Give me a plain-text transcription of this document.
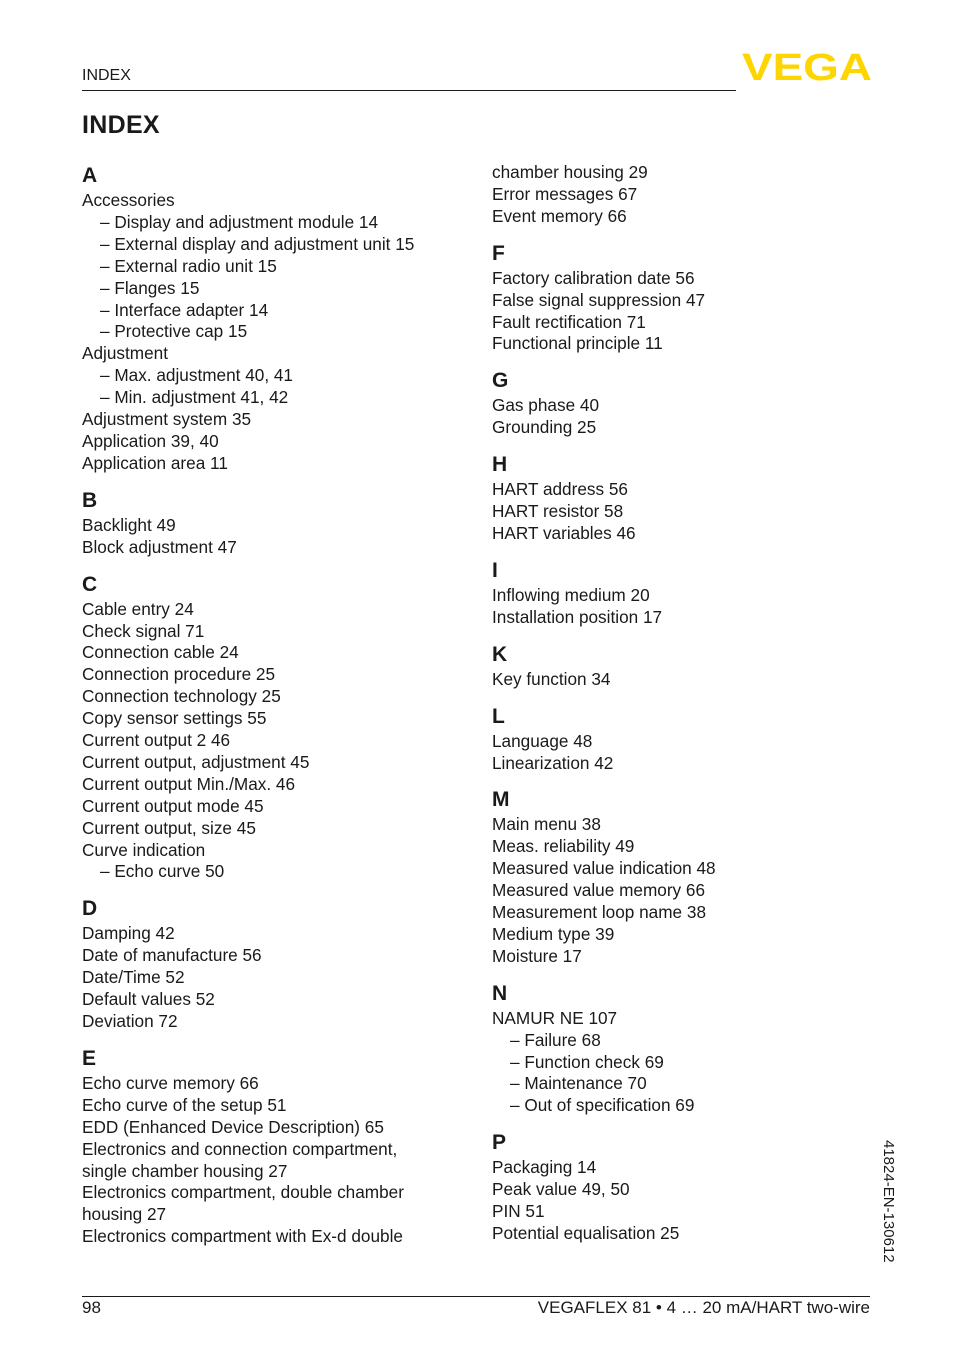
INDEX	VEGA
INDEX
A
Accessories
– Display and adjustment module 14
– External display and adjustment unit 15
– External radio unit 15
– Flanges 15
– Interface adapter 14
– Protective cap 15
Adjustment
– Max. adjustment 40, 41
– Min. adjustment 41, 42
Adjustment system 35
Application 39, 40
Application area 11
B
Backlight 49
Block adjustment 47
C
Cable entry 24
Check signal 71
Connection cable 24
Connection procedure 25
Connection technology 25
Copy sensor settings 55
Current output 2 46
Current output, adjustment 45
Current output Min./Max. 46
Current output mode 45
Current output, size 45
Curve indication
– Echo curve 50
D
Damping 42
Date of manufacture 56
Date/Time 52
Default values 52
Deviation 72
E
Echo curve memory 66
Echo curve of the setup 51
EDD (Enhanced Device Description) 65
Electronics and connection compartment, single chamber housing 27
Electronics compartment, double chamber housing 27
Electronics compartment with Ex-d double
chamber housing 29
Error messages 67
Event memory 66
F
Factory calibration date 56
False signal suppression 47
Fault rectification 71
Functional principle 11
G
Gas phase 40
Grounding 25
H
HART address 56
HART resistor 58
HART variables 46
I
Inflowing medium 20
Installation position 17
K
Key function 34
L
Language 48
Linearization 42
M
Main menu 38
Meas. reliability 49
Measured value indication 48
Measured value memory 66
Measurement loop name 38
Medium type 39
Moisture 17
N
NAMUR NE 107
– Failure 68
– Function check 69
– Maintenance 70
– Out of specification 69
P
Packaging 14
Peak value 49, 50
PIN 51
Potential equalisation 25	41824-EN-130612
98	VEGAFLEX 81 • 4 … 20 mA/HART two-wire
